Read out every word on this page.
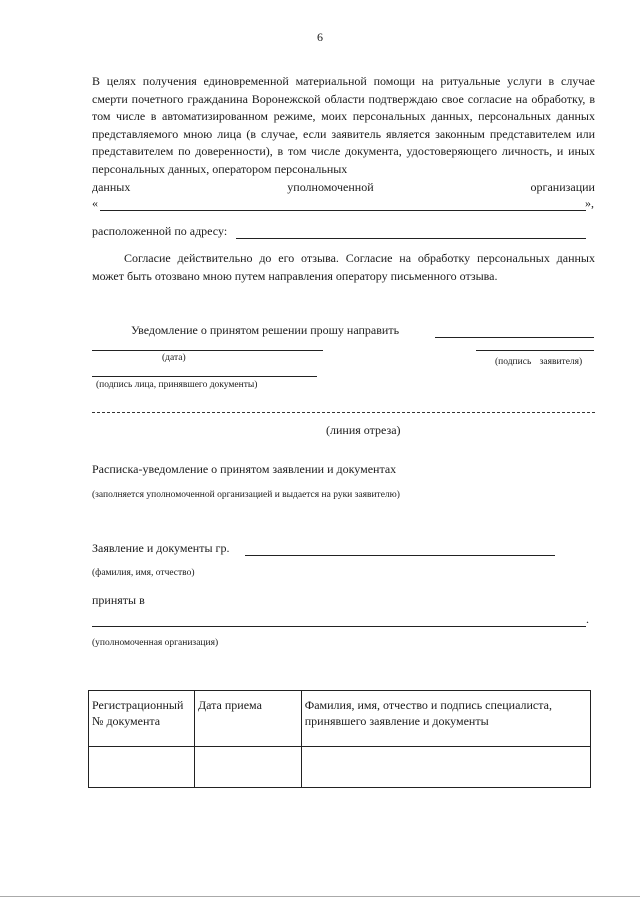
6
В целях получения единовременной материальной помощи на ритуальные услуги в случае смерти почетного гражданина Воронежской области подтверждаю свое согласие на обработку, в том числе в автоматизированном режиме, моих персональных данных, персональных данных представляемого мною лица (в случае, если заявитель является законным представителем или представителем по доверенности), в том числе документа, удостоверяющего личность, и иных персональных данных, оператором персональных
данных	уполномоченной	организации
«	»,
расположенной по адресу:
Согласие действительно до его отзыва. Согласие на обработку персональных данных может быть отозвано мною путем направления оператору письменного отзыва.
Уведомление о принятом решении прошу направить
(дата)	(подпись заявителя)
(подпись лица, принявшего документы)
(линия отреза)
Расписка-уведомление о принятом заявлении и документах
(заполняется уполномоченной организацией и выдается на руки заявителю)
Заявление и документы гр.
(фамилия, имя, отчество)
приняты в
.
(уполномоченная организация)
Регистрационный № документа	Дата приема	Фамилия, имя, отчество и подпись специалиста, принявшего заявление и документы
